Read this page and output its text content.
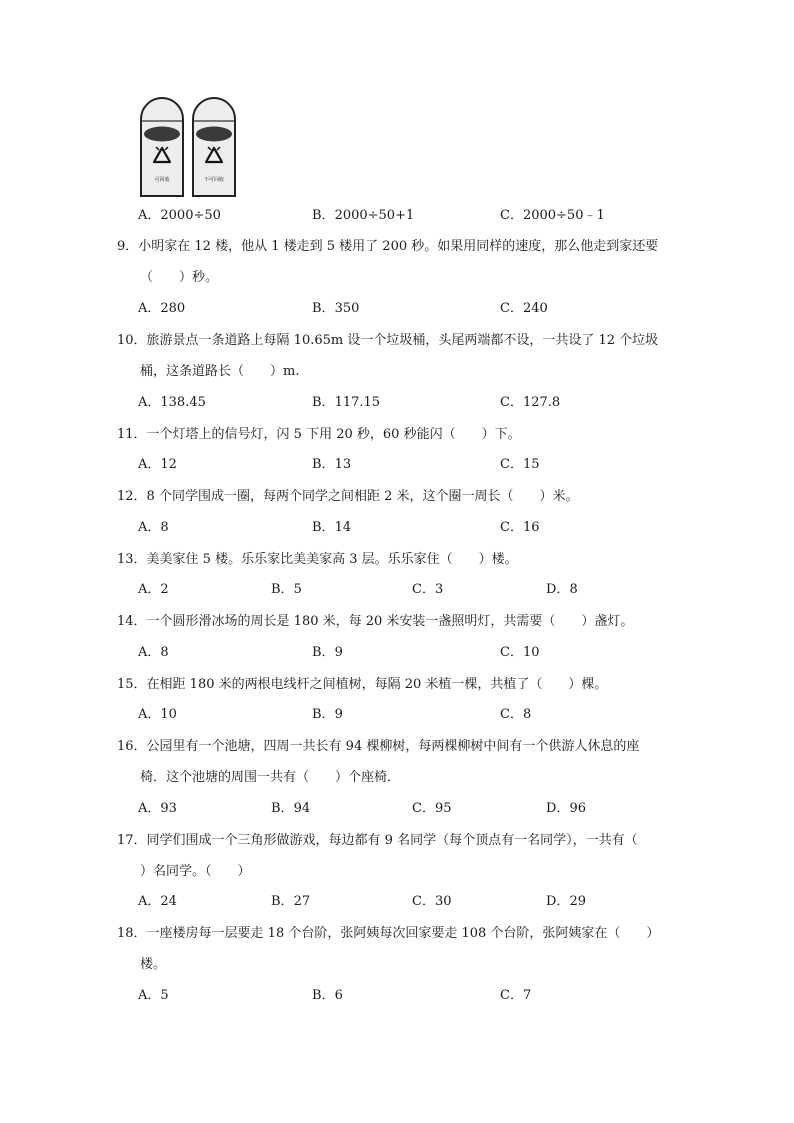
可回收	不可回收
A．2000÷50	B．2000÷50+1	C．2000÷50﹣1
9．小明家在 12 楼，他从 1 楼走到 5 楼用了 200 秒。如果用同样的速度，那么他走到家还要
（　　）秒。
A．280	B．350	C．240
10．旅游景点一条道路上每隔 10.65m 设一个垃圾桶，头尾两端都不设，一共设了 12 个垃圾
桶，这条道路长（　　）m.
A．138.45	B．117.15	C．127.8
11．一个灯塔上的信号灯，闪 5 下用 20 秒，60 秒能闪（　　）下。
A．12	B．13	C．15
12．8 个同学围成一圈，每两个同学之间相距 2 米，这个圈一周长（　　）米。
A．8	B．14	C．16
13．美美家住 5 楼。乐乐家比美美家高 3 层。乐乐家住（　　）楼。
A．2	B．5	C．3	D．8
14．一个圆形滑冰场的周长是 180 米，每 20 米安装一盏照明灯，共需要（　　）盏灯。
A．8	B．9	C．10
15．在相距 180 米的两根电线杆之间植树，每隔 20 米植一棵，共植了（　　）棵。
A．10	B．9	C．8
16．公园里有一个池塘，四周一共长有 94 棵柳树，每两棵柳树中间有一个供游人休息的座
椅．这个池塘的周围一共有（　　）个座椅．
A．93	B．94	C．95	D．96
17．同学们围成一个三角形做游戏，每边都有 9 名同学（每个顶点有一名同学），一共有（
）名同学。（　　）
A．24	B．27	C．30	D．29
18．一座楼房每一层要走 18 个台阶，张阿姨每次回家要走 108 个台阶，张阿姨家在（　　）
楼。
A．5	B．6	C．7
